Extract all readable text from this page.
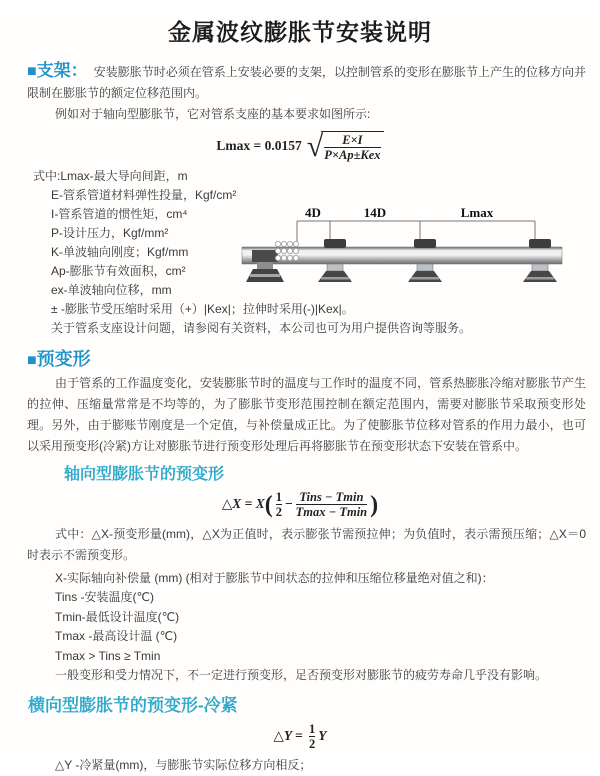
金属波纹膨胀节安装说明

■支架： 安装膨胀节时必须在管系上安装必要的支架，以控制管系的变形在膨胀节上产生的位移方向并限制在膨胀节的额定位移范围内。

例如对于轴向型膨胀节，它对管系支座的基本要求如图所示:

Lmax = 0.0157 √
$\frac{E\times I}{\text{P×Ap±Kex}}$
式中:Lmax-最大导向间距，m
E-管系管道材料弹性投量，Kgf/cm²
I-管系管道的惯性矩，cm⁴
P-设计压力，Kgf/mm²
K-单波轴向刚度；Kgf/mm
Ap-膨胀节有效面积，cm²
ex-单波轴向位移，mm
± -膨胀节受压缩时采用（+）|Kex|；拉伸时采用(-)|Kex|。
关于管系支座设计问题，请参阅有关资料，本公司也可为用户提供咨询等服务。
4D	14D	Lmax
■预变形

由于管系的工作温度变化，安装膨胀节时的温度与工作时的温度不同，管系热膨胀冷缩对膨胀节产生的拉伸、压缩量常常是不均等的，为了膨胀节变形范围控制在额定范围内，需要对膨胀节采取预变形处理。另外，由于膨账节刚度是一个定值，与补偿量成正比。为了使膨胀节位移对管系的作用力最小，也可以采用预变形(冷紧)方让对膨胀节进行预变形处理后再将膨胀节在预变形状态下安装在管系中。

轴向型膨胀节的预变形
△X = $X( \frac{1}{2} - \frac{\text{Tins − Tmin}}{Tmax - Tmin}$ )

式中：△X-预变形量(mm)，△X为正值时，表示膨张节需预拉伸；为负值时，表示需预压缩；△X＝0时表示不需预变形。

X-实际轴向补偿量 (mm) (相对于膨胀节中间状态的拉伸和压缩位移量绝对值之和)：
Tins -安装温度(℃)
Tmin-最低设计温度(℃)
Tmax -最高设计温 (℃)
Tmax > Tins ≥ Tmin
一般变形和受力情况下，不一定进行预变形，足否预变形对膨胀节的疲劳寿命几乎没有影响。
横向型膨胀节的预变形-冷紧
△Y = $\frac{1}{2}$ Y

△Y -冷紧量(mm)，与膨胀节实际位移方向相反；
